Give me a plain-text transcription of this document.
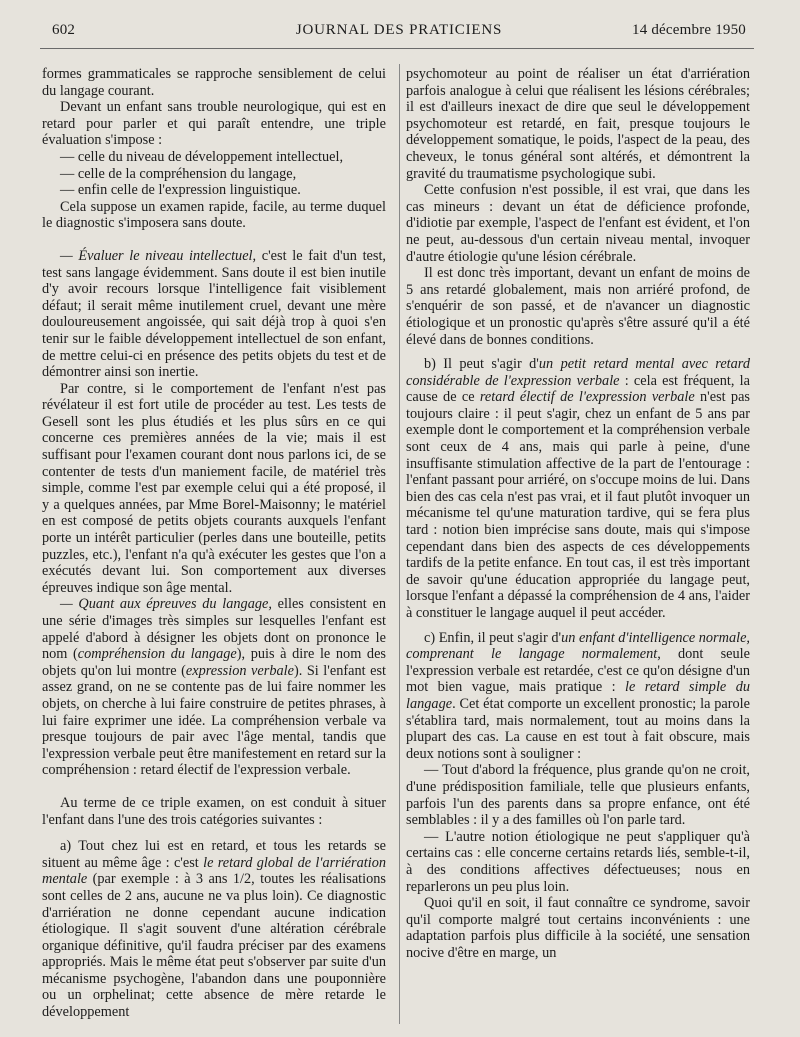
602	JOURNAL DES PRATICIENS	14 décembre 1950

formes grammaticales se rapproche sensiblement de celui du langage courant.

Devant un enfant sans trouble neurologique, qui est en retard pour parler et qui paraît entendre, une triple évaluation s'impose :

— celle du niveau de développement intellectuel,

— celle de la compréhension du langage,

— enfin celle de l'expression linguistique.

Cela suppose un examen rapide, facile, au terme duquel le diagnostic s'imposera sans doute.

— Évaluer le niveau intellectuel, c'est le fait d'un test, test sans langage évidemment. Sans doute il est bien inutile d'y avoir recours lorsque l'intelligence fait visiblement défaut; il serait même inutilement cruel, devant une mère douloureusement angoissée, qui sait déjà trop à quoi s'en tenir sur le faible développement intellectuel de son enfant, de mettre celui-ci en présence des petits objets du test et de démontrer ainsi son inertie.

Par contre, si le comportement de l'enfant n'est pas révélateur il est fort utile de procéder au test. Les tests de Gesell sont les plus étudiés et les plus sûrs en ce qui concerne ces premières années de la vie; mais il est suffisant pour l'examen courant dont nous parlons ici, de se contenter de tests d'un maniement facile, de matériel très simple, comme l'est par exemple celui qui a été proposé, il y a quelques années, par Mme Borel-Maisonny; le matériel en est composé de petits objets courants auxquels l'enfant porte un intérêt particulier (perles dans une bouteille, petits puzzles, etc.), l'enfant n'a qu'à exécuter les gestes que l'on a exécutés devant lui. Son comportement aux diverses épreuves indique son âge mental.

— Quant aux épreuves du langage, elles consistent en une série d'images très simples sur lesquelles l'enfant est appelé d'abord à désigner les objets dont on prononce le nom (compréhension du langage), puis à dire le nom des objets qu'on lui montre (expression verbale). Si l'enfant est assez grand, on ne se contente pas de lui faire nommer les objets, on cherche à lui faire construire de petites phrases, à lui faire exprimer une idée. La compréhension verbale va presque toujours de pair avec l'âge mental, tandis que l'expression verbale peut être manifestement en retard sur la compréhension : retard électif de l'expression verbale.

Au terme de ce triple examen, on est conduit à situer l'enfant dans l'une des trois catégories suivantes :

a) Tout chez lui est en retard, et tous les retards se situent au même âge : c'est le retard global de l'arriération mentale (par exemple : à 3 ans 1/2, toutes les réalisations sont celles de 2 ans, aucune ne va plus loin). Ce diagnostic d'arriération ne donne cependant aucune indication étiologique. Il s'agit souvent d'une altération cérébrale organique définitive, qu'il faudra préciser par des examens appropriés. Mais le même état peut s'observer par suite d'un mécanisme psychogène, l'abandon dans une pouponnière ou un orphelinat; cette absence de mère retarde le développement

psychomoteur au point de réaliser un état d'arriération parfois analogue à celui que réalisent les lésions cérébrales; il est d'ailleurs inexact de dire que seul le développement psychomoteur est retardé, en fait, presque toujours le développement somatique, le poids, l'aspect de la peau, des cheveux, le tonus général sont altérés, et démontrent la gravité du traumatisme psychologique subi.

Cette confusion n'est possible, il est vrai, que dans les cas mineurs : devant un état de déficience profonde, d'idiotie par exemple, l'aspect de l'enfant est évident, et l'on ne peut, au-dessous d'un certain niveau mental, invoquer d'autre étiologie qu'une lésion cérébrale.

Il est donc très important, devant un enfant de moins de 5 ans retardé globalement, mais non arriéré profond, de s'enquérir de son passé, et de n'avancer un diagnostic étiologique et un pronostic qu'après s'être assuré qu'il a été élevé dans de bonnes conditions.

b) Il peut s'agir d'un petit retard mental avec retard considérable de l'expression verbale : cela est fréquent, la cause de ce retard électif de l'expression verbale n'est pas toujours claire : il peut s'agir, chez un enfant de 5 ans par exemple dont le comportement et la compréhension verbale sont ceux de 4 ans, mais qui parle à peine, d'une insuffisante stimulation affective de la part de l'entourage : l'enfant passant pour arriéré, on s'occupe moins de lui. Dans bien des cas cela n'est pas vrai, et il faut plutôt invoquer un mécanisme tel qu'une maturation tardive, qui se fera plus tard : notion bien imprécise sans doute, mais qui s'impose cependant dans bien des aspects de ces développements tardifs de la petite enfance. En tout cas, il est très important de savoir qu'une éducation appropriée du langage peut, lorsque l'enfant a dépassé la compréhension de 4 ans, l'aider à constituer le langage auquel il peut accéder.

c) Enfin, il peut s'agir d'un enfant d'intelligence normale, comprenant le langage normalement, dont seule l'expression verbale est retardée, c'est ce qu'on désigne d'un mot bien vague, mais pratique : le retard simple du langage. Cet état comporte un excellent pronostic; la parole s'établira tard, mais normalement, tout au moins dans la plupart des cas. La cause en est tout à fait obscure, mais deux notions sont à souligner :

— Tout d'abord la fréquence, plus grande qu'on ne croit, d'une prédisposition familiale, telle que plusieurs enfants, parfois l'un des parents dans sa propre enfance, ont été semblables : il y a des familles où l'on parle tard.

— L'autre notion étiologique ne peut s'appliquer qu'à certains cas : elle concerne certains retards liés, semble-t-il, à des conditions affectives défectueuses; nous en reparlerons un peu plus loin.

Quoi qu'il en soit, il faut connaître ce syndrome, savoir qu'il comporte malgré tout certains inconvénients : une adaptation parfois plus difficile à la société, une sensation nocive d'être en marge, un
